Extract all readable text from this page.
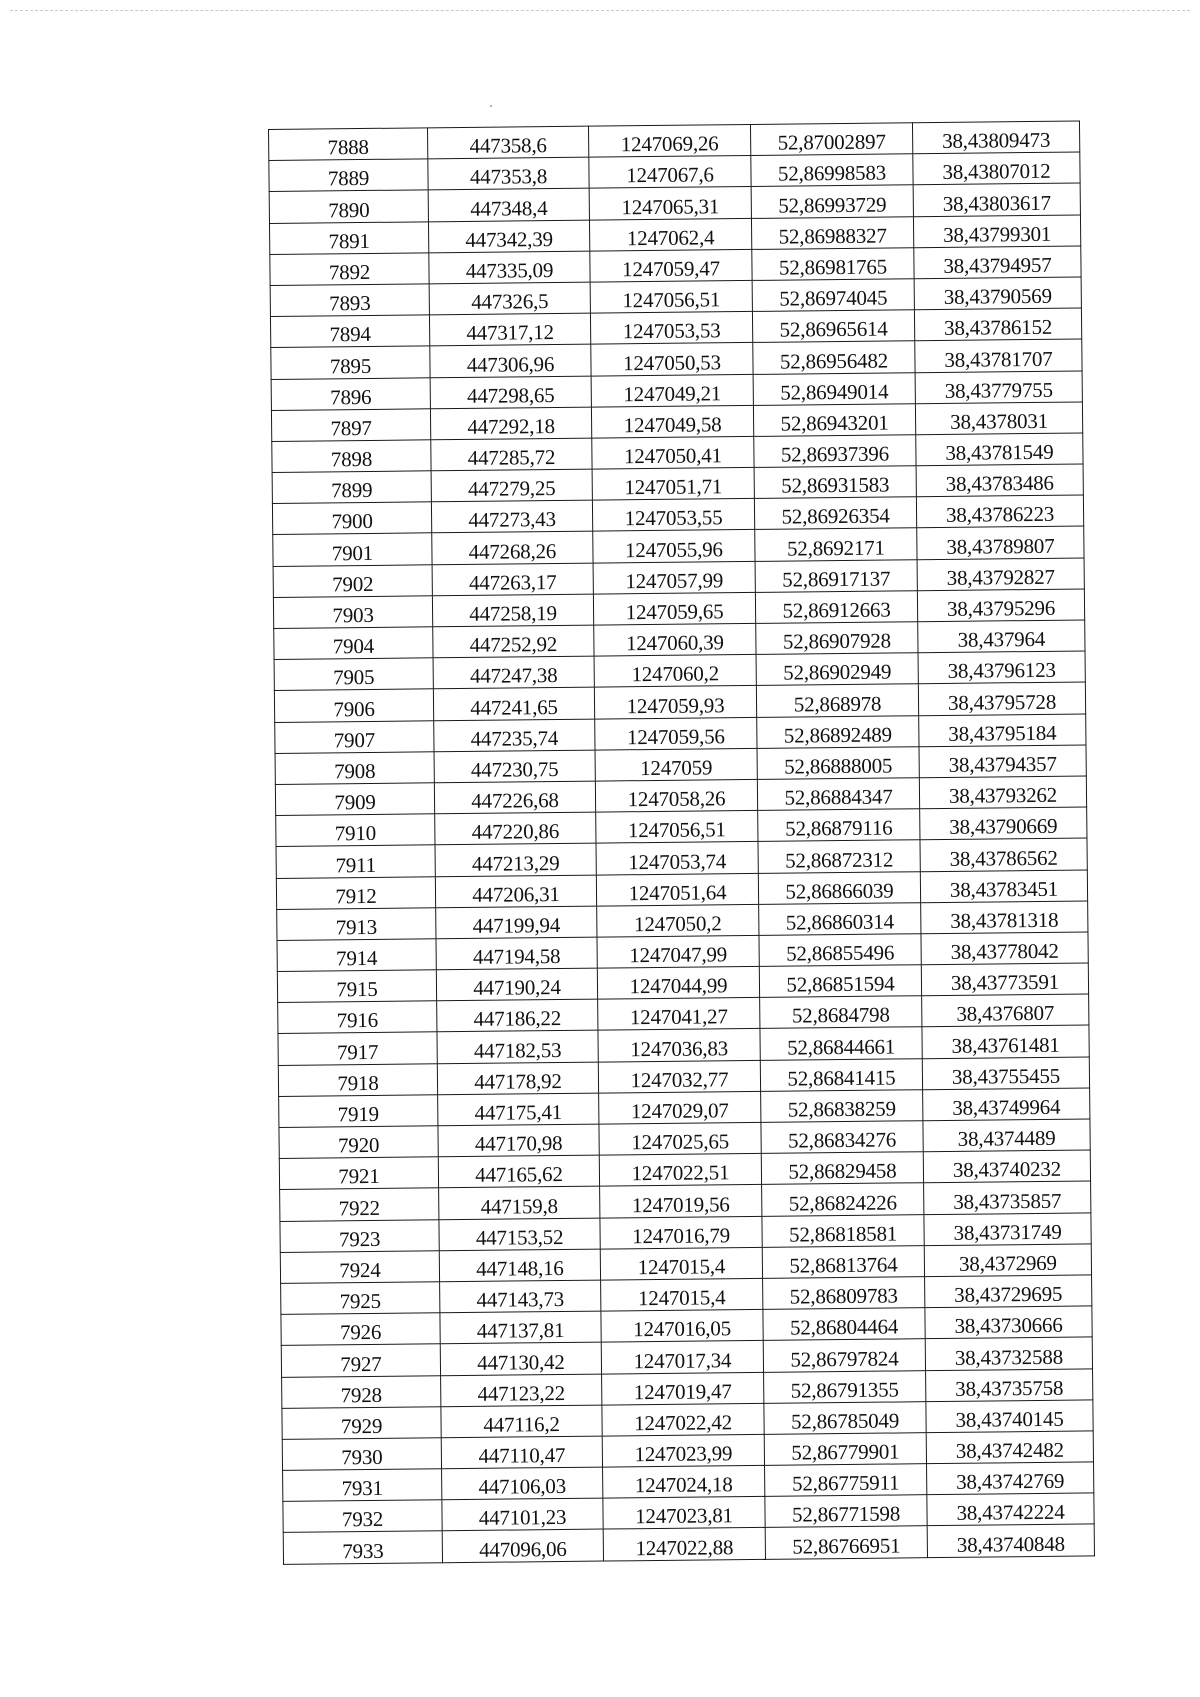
7888	447358,6	1247069,26	52,87002897	38,43809473
7889	447353,8	1247067,6	52,86998583	38,43807012
7890	447348,4	1247065,31	52,86993729	38,43803617
7891	447342,39	1247062,4	52,86988327	38,43799301
7892	447335,09	1247059,47	52,86981765	38,43794957
7893	447326,5	1247056,51	52,86974045	38,43790569
7894	447317,12	1247053,53	52,86965614	38,43786152
7895	447306,96	1247050,53	52,86956482	38,43781707
7896	447298,65	1247049,21	52,86949014	38,43779755
7897	447292,18	1247049,58	52,86943201	38,4378031
7898	447285,72	1247050,41	52,86937396	38,43781549
7899	447279,25	1247051,71	52,86931583	38,43783486
7900	447273,43	1247053,55	52,86926354	38,43786223
7901	447268,26	1247055,96	52,8692171	38,43789807
7902	447263,17	1247057,99	52,86917137	38,43792827
7903	447258,19	1247059,65	52,86912663	38,43795296
7904	447252,92	1247060,39	52,86907928	38,437964
7905	447247,38	1247060,2	52,86902949	38,43796123
7906	447241,65	1247059,93	52,868978	38,43795728
7907	447235,74	1247059,56	52,86892489	38,43795184
7908	447230,75	1247059	52,86888005	38,43794357
7909	447226,68	1247058,26	52,86884347	38,43793262
7910	447220,86	1247056,51	52,86879116	38,43790669
7911	447213,29	1247053,74	52,86872312	38,43786562
7912	447206,31	1247051,64	52,86866039	38,43783451
7913	447199,94	1247050,2	52,86860314	38,43781318
7914	447194,58	1247047,99	52,86855496	38,43778042
7915	447190,24	1247044,99	52,86851594	38,43773591
7916	447186,22	1247041,27	52,8684798	38,4376807
7917	447182,53	1247036,83	52,86844661	38,43761481
7918	447178,92	1247032,77	52,86841415	38,43755455
7919	447175,41	1247029,07	52,86838259	38,43749964
7920	447170,98	1247025,65	52,86834276	38,4374489
7921	447165,62	1247022,51	52,86829458	38,43740232
7922	447159,8	1247019,56	52,86824226	38,43735857
7923	447153,52	1247016,79	52,86818581	38,43731749
7924	447148,16	1247015,4	52,86813764	38,4372969
7925	447143,73	1247015,4	52,86809783	38,43729695
7926	447137,81	1247016,05	52,86804464	38,43730666
7927	447130,42	1247017,34	52,86797824	38,43732588
7928	447123,22	1247019,47	52,86791355	38,43735758
7929	447116,2	1247022,42	52,86785049	38,43740145
7930	447110,47	1247023,99	52,86779901	38,43742482
7931	447106,03	1247024,18	52,86775911	38,43742769
7932	447101,23	1247023,81	52,86771598	38,43742224
7933	447096,06	1247022,88	52,86766951	38,43740848
